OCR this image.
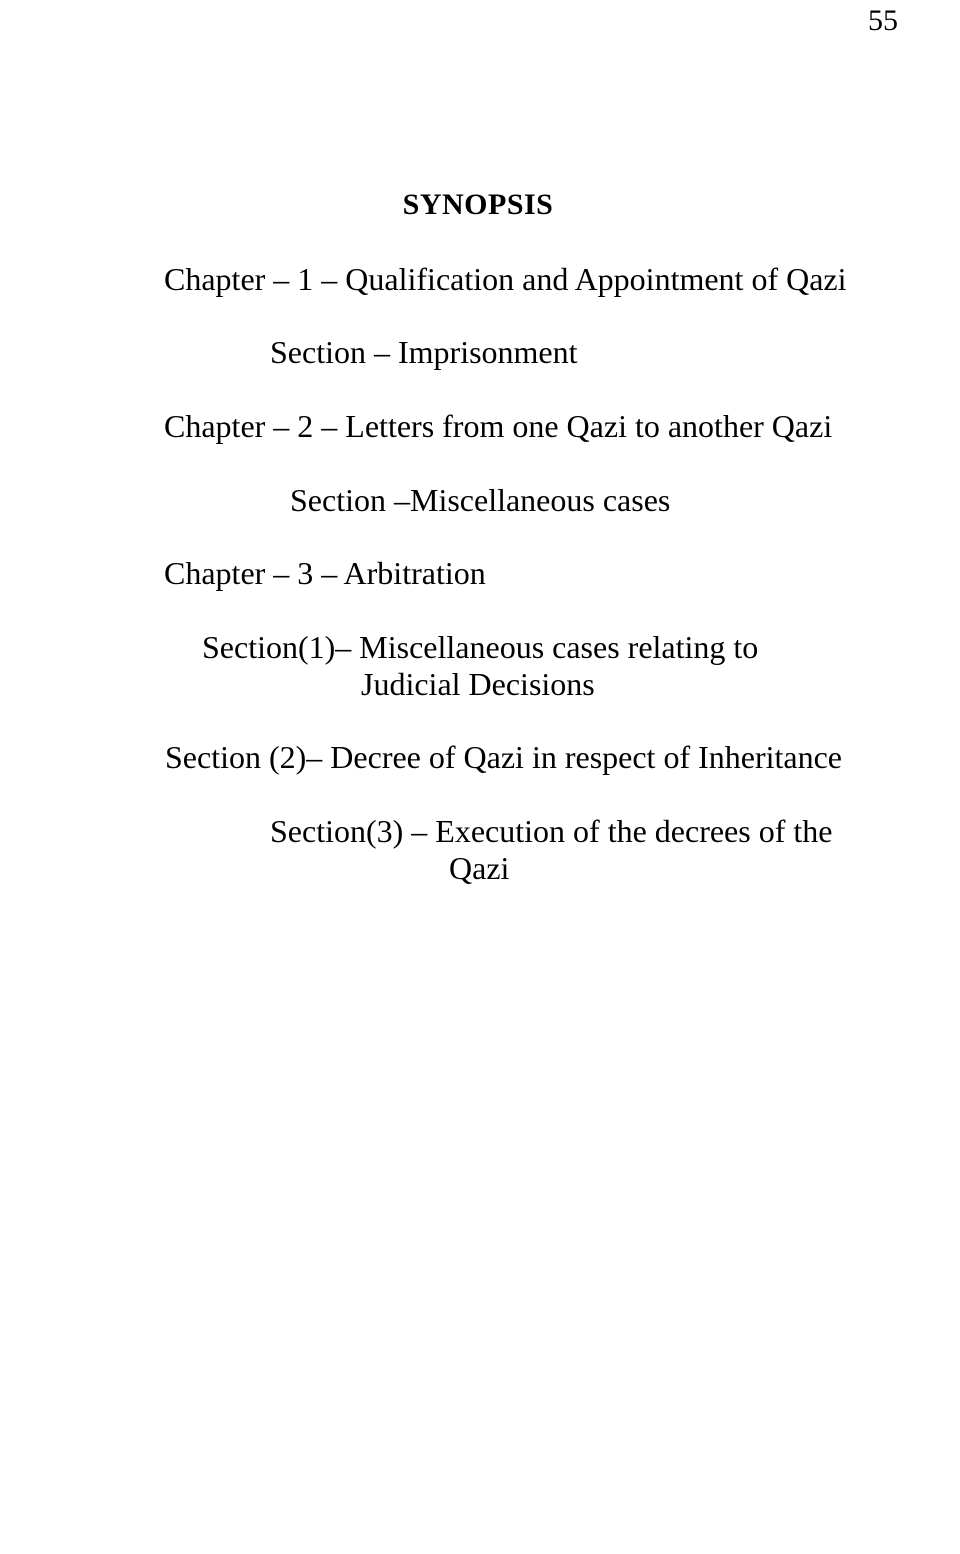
55
SYNOPSIS
Chapter – 1 – Qualification and Appointment of Qazi
Section – Imprisonment
Chapter – 2 – Letters from one Qazi to another Qazi
Section –Miscellaneous cases
Chapter – 3 – Arbitration
Section(1)– Miscellaneous cases relating to
Judicial Decisions
Section (2)– Decree of Qazi in respect of Inheritance
Section(3) – Execution of the decrees of the
Qazi
